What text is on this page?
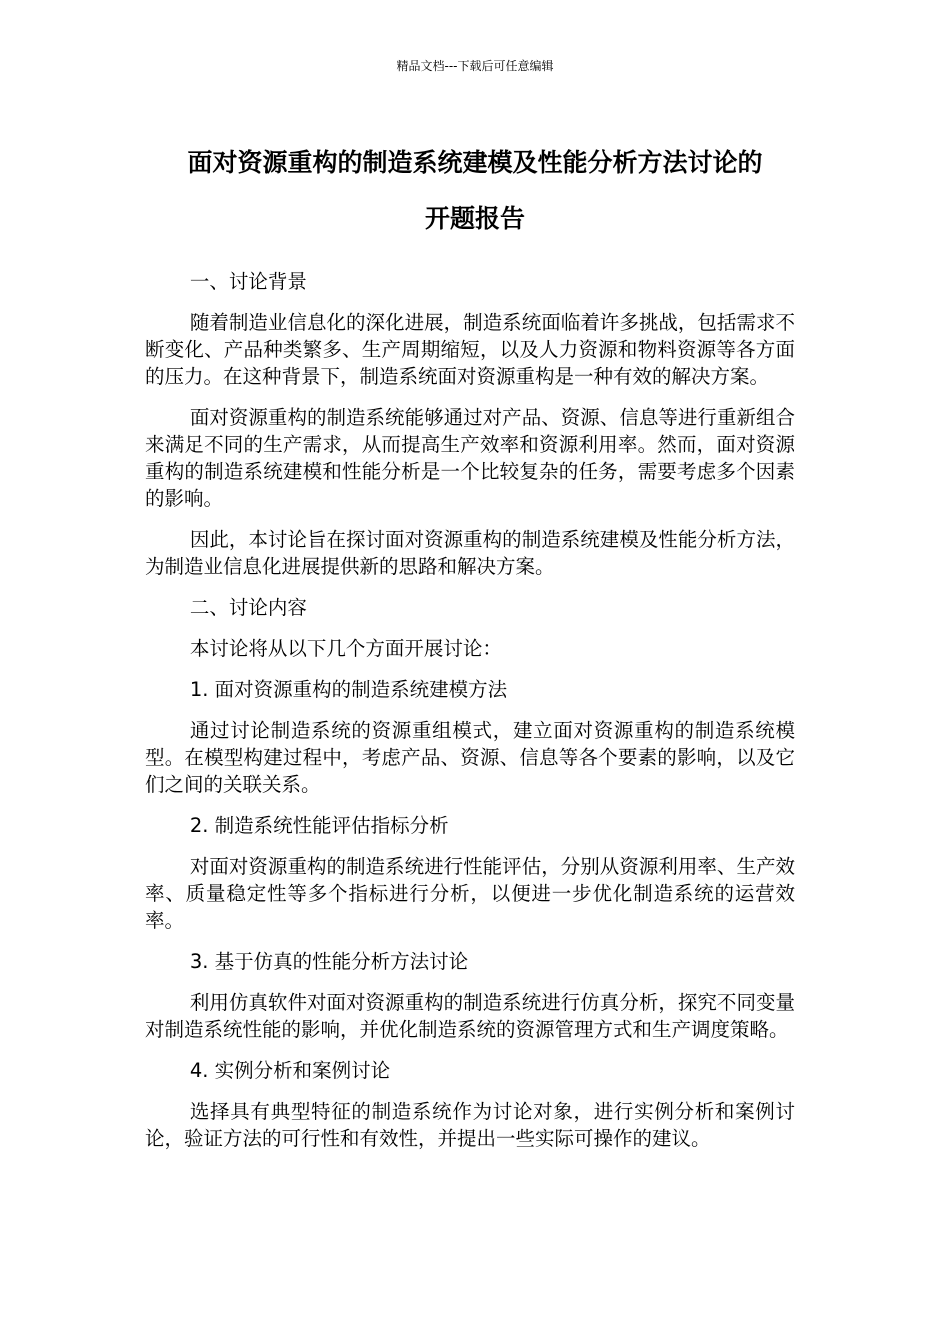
精品文档---下载后可任意编辑
面对资源重构的制造系统建模及性能分析方法讨论的
开题报告

一、讨论背景

随着制造业信息化的深化进展，制造系统面临着许多挑战，包括需求不断变化、产品种类繁多、生产周期缩短，以及人力资源和物料资源等各方面的压力。在这种背景下，制造系统面对资源重构是一种有效的解决方案。

面对资源重构的制造系统能够通过对产品、资源、信息等进行重新组合来满足不同的生产需求，从而提高生产效率和资源利用率。然而，面对资源重构的制造系统建模和性能分析是一个比较复杂的任务，需要考虑多个因素的影响。

因此，本讨论旨在探讨面对资源重构的制造系统建模及性能分析方法，为制造业信息化进展提供新的思路和解决方案。

二、讨论内容

本讨论将从以下几个方面开展讨论：

1. 面对资源重构的制造系统建模方法

通过讨论制造系统的资源重组模式，建立面对资源重构的制造系统模型。在模型构建过程中，考虑产品、资源、信息等各个要素的影响，以及它们之间的关联关系。

2. 制造系统性能评估指标分析

对面对资源重构的制造系统进行性能评估，分别从资源利用率、生产效率、质量稳定性等多个指标进行分析，以便进一步优化制造系统的运营效率。

3. 基于仿真的性能分析方法讨论

利用仿真软件对面对资源重构的制造系统进行仿真分析，探究不同变量对制造系统性能的影响，并优化制造系统的资源管理方式和生产调度策略。

4. 实例分析和案例讨论

选择具有典型特征的制造系统作为讨论对象，进行实例分析和案例讨论，验证方法的可行性和有效性，并提出一些实际可操作的建议。
